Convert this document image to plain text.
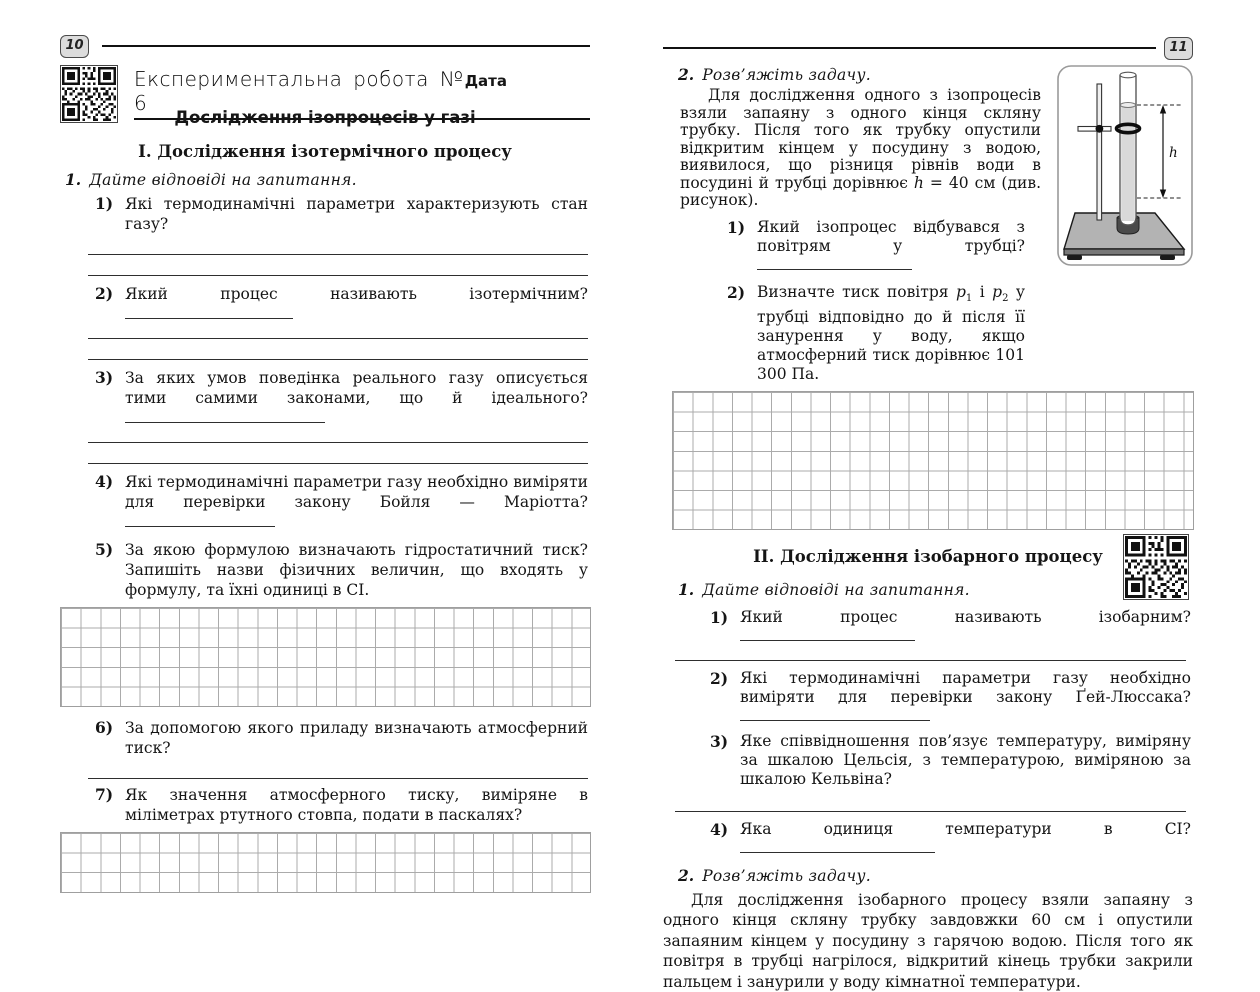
10
Експериментальна робота № 6
Дата
Дослідження ізопроцесів у газі
І. Дослідження ізотермічного процесу
1. Дайте відповіді на запитання.
1) Які термодинамічні параметри характеризують стан газу?
2) Який процес називають ізотермічним?
3) За яких умов поведінка реального газу описується тими самими законами, що й ідеального?
4) Які термодинамічні параметри газу необхідно виміряти для перевірки закону Бойля — Маріотта?
5) За якою формулою визначають гідростатичний тиск? Запишіть назви фізичних величин, що входять у формулу, та їхні одиниці в СІ.
6) За допомогою якого приладу визначають атмосферний тиск?
7) Як значення атмосферного тиску, виміряне в міліметрах ртутного стовпа, подати в паскалях?
11
2. Розв’яжіть задачу.
h
Для дослідження одного з ізопроцесів взяли запаяну з одного кінця скляну трубку. Після того як трубку опустили відкритим кінцем у посудину з водою, виявилося, що різниця рівнів води в посудині й трубці дорівнює h = 40 см (див. рисунок).
1) Який ізопроцес відбувався з повітрям у трубці?
2) Визначте тиск повітря $p_1$ і $p_2$ у трубці відповідно до й після її занурення у воду, якщо атмосферний тиск дорівнює 101 300 Па.
ІІ. Дослідження ізобарного процесу
1. Дайте відповіді на запитання.
1) Який процес називають ізобарним?
2) Які термодинамічні параметри газу необхідно виміряти для перевірки закону Ґей-Люссака?
3) Яке співвідношення пов’язує температуру, виміряну за шкалою Цельсія, з температурою, виміряною за шкалою Кельвіна?
4) Яка одиниця температури в СІ?
2. Розв’яжіть задачу.
Для дослідження ізобарного процесу взяли запаяну з одного кінця скляну трубку завдовжки 60 см і опустили запаяним кінцем у посудину з гарячою водою. Після того як повітря в трубці нагрілося, відкритий кінець трубки закрили пальцем і занурили у воду кімнатної температури.
